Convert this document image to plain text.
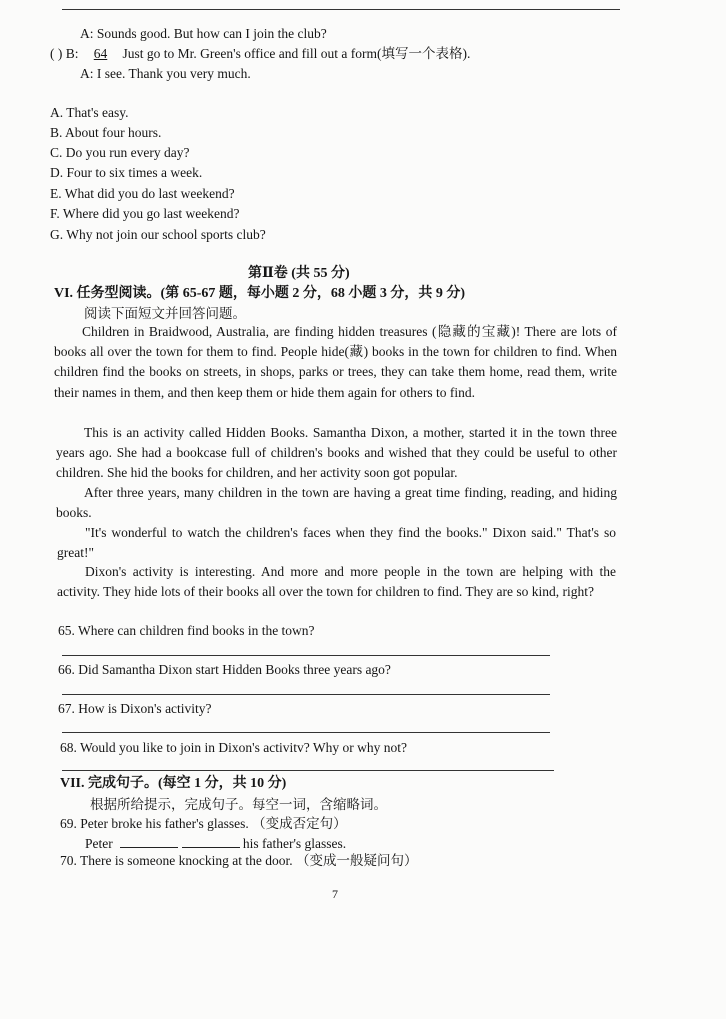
A: Sounds good. But how can I join the club?
( ) B: 64 Just go to Mr. Green's office and fill out a form(填写一个表格).
A: I see. Thank you very much.
A. That's easy.
B. About four hours.
C. Do you run every day?
D. Four to six times a week.
E. What did you do last weekend?
F. Where did you go last weekend?
G. Why not join our school sports club?
第Ⅱ卷 (共 55 分)
VI. 任务型阅读。(第 65-67 题，每小题 2 分，68 小题 3 分，共 9 分)
阅读下面短文并回答问题。

Children in Braidwood, Australia, are finding hidden treasures (隐藏的宝藏)! There are lots of books all over the town for them to find. People hide(藏) books in the town for children to find. When children find the books on streets, in shops, parks or trees, they can take them home, read them, write their names in them, and then keep them or hide them again for others to find.

This is an activity called Hidden Books. Samantha Dixon, a mother, started it in the town three years ago. She had a bookcase full of children's books and wished that they could be useful to other children. She hid the books for children, and her activity soon got popular.

After three years, many children in the town are having a great time finding, reading, and hiding books.

"It's wonderful to watch the children's faces when they find the books." Dixon said." That's so great!"

Dixon's activity is interesting. And more and more people in the town are helping with the activity. They hide lots of their books all over the town for children to find. They are so kind, right?

65. Where can children find books in the town?
66. Did Samantha Dixon start Hidden Books three years ago?
67. How is Dixon's activity?
68. Would you like to join in Dixon's activitv? Why or why not?
VII. 完成句子。(每空 1 分，共 10 分)
根据所给提示，完成句子。每空一词，含缩略词。
69. Peter broke his father's glasses. （变成否定句）
Peter	his father's glasses.
70. There is someone knocking at the door. （变成一般疑问句）
7
